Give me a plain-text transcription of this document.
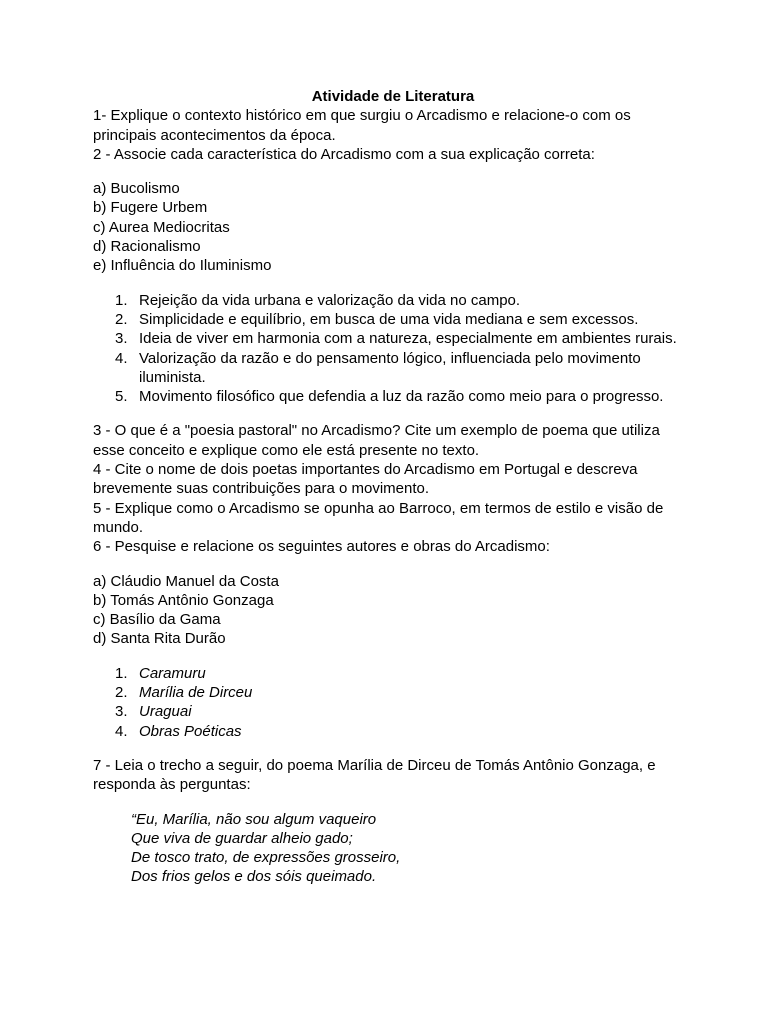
Atividade de Literatura

1- Explique o contexto histórico em que surgiu o Arcadismo e relacione-o com os principais acontecimentos da época.

2 - Associe cada característica do Arcadismo com a sua explicação correta:

a) Bucolismo
b) Fugere Urbem
c) Aurea Mediocritas
d) Racionalismo
e) Influência do Iluminismo
1. Rejeição da vida urbana e valorização da vida no campo.
2. Simplicidade e equilíbrio, em busca de uma vida mediana e sem excessos.
3. Ideia de viver em harmonia com a natureza, especialmente em ambientes rurais.
4. Valorização da razão e do pensamento lógico, influenciada pelo movimento iluminista.
5. Movimento filosófico que defendia a luz da razão como meio para o progresso.

3 - O que é a "poesia pastoral" no Arcadismo? Cite um exemplo de poema que utiliza esse conceito e explique como ele está presente no texto.

4 - Cite o nome de dois poetas importantes do Arcadismo em Portugal e descreva brevemente suas contribuições para o movimento.

5 - Explique como o Arcadismo se opunha ao Barroco, em termos de estilo e visão de mundo.

6 - Pesquise e relacione os seguintes autores e obras do Arcadismo:

a) Cláudio Manuel da Costa
b) Tomás Antônio Gonzaga
c) Basílio da Gama
d) Santa Rita Durão
1. Caramuru
2. Marília de Dirceu
3. Uraguai
4. Obras Poéticas

7 - Leia o trecho a seguir, do poema Marília de Dirceu de Tomás Antônio Gonzaga, e responda às perguntas:

“Eu, Marília, não sou algum vaqueiro
Que viva de guardar alheio gado;
De tosco trato, de expressões grosseiro,
Dos frios gelos e dos sóis queimado.
